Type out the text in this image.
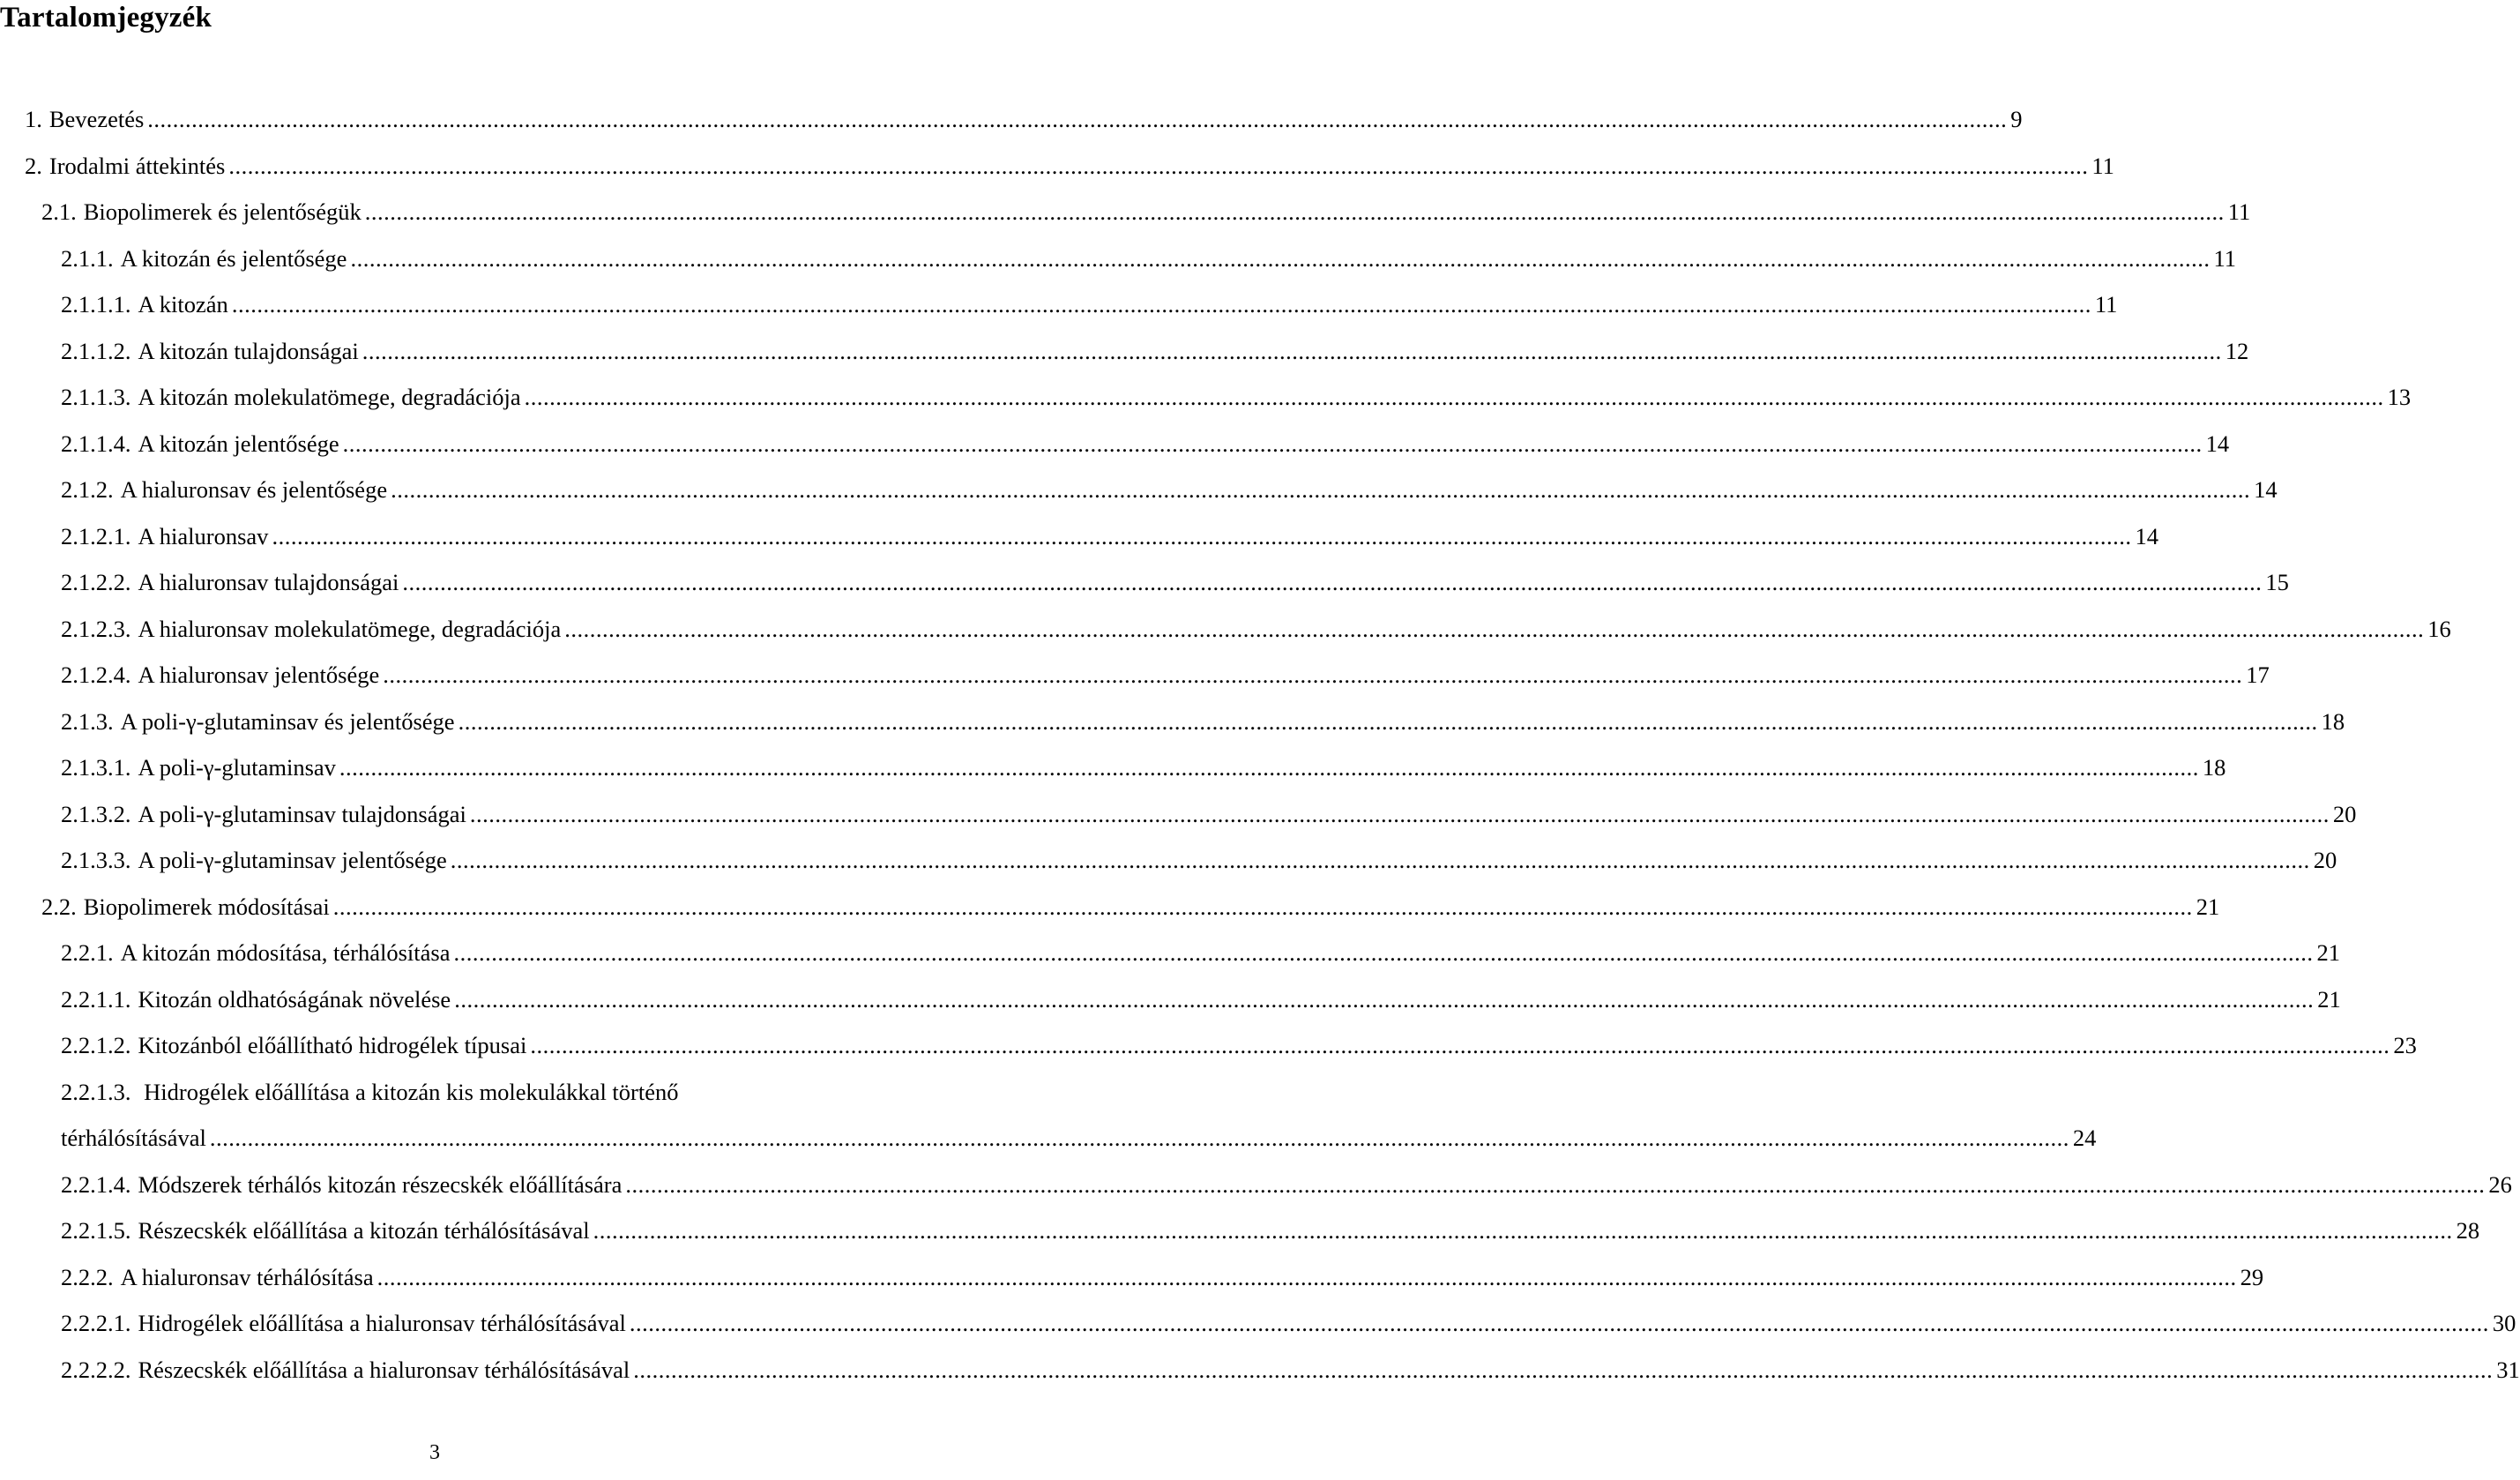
Tartalomjegyzék
1. Bevezetés .....	9
2. Irodalmi áttekintés .....	11
2.1. Biopolimerek és jelentőségük .....	11
2.1.1. A kitozán és jelentősége .....	11
2.1.1.1. A kitozán .....	11
2.1.1.2. A kitozán tulajdonságai .....	12
2.1.1.3. A kitozán molekulatömege, degradációja .....	13
2.1.1.4. A kitozán jelentősége .....	14
2.1.2. A hialuronsav és jelentősége .....	14
2.1.2.1. A hialuronsav .....	14
2.1.2.2. A hialuronsav tulajdonságai .....	15
2.1.2.3. A hialuronsav molekulatömege, degradációja .....	16
2.1.2.4. A hialuronsav jelentősége .....	17
2.1.3. A poli-γ-glutaminsav és jelentősége .....	18
2.1.3.1. A poli-γ-glutaminsav .....	18
2.1.3.2. A poli-γ-glutaminsav tulajdonságai .....	20
2.1.3.3. A poli-γ-glutaminsav jelentősége .....	20
2.2. Biopolimerek módosításai .....	21
2.2.1. A kitozán módosítása, térhálósítása .....	21
2.2.1.1. Kitozán oldhatóságának növelése .....	21
2.2.1.2. Kitozánból előállítható hidrogélek típusai .....	23
2.2.1.3. Hidrogélek előállítása a kitozán kis molekulákkal történő
térhálósításával .....	24
2.2.1.4. Módszerek térhálós kitozán részecskék előállítására .....	26
2.2.1.5. Részecskék előállítása a kitozán térhálósításával .....	28
2.2.2. A hialuronsav térhálósítása .....	29
2.2.2.1. Hidrogélek előállítása a hialuronsav térhálósításával .....	30
2.2.2.2. Részecskék előállítása a hialuronsav térhálósításával .....	31
3
